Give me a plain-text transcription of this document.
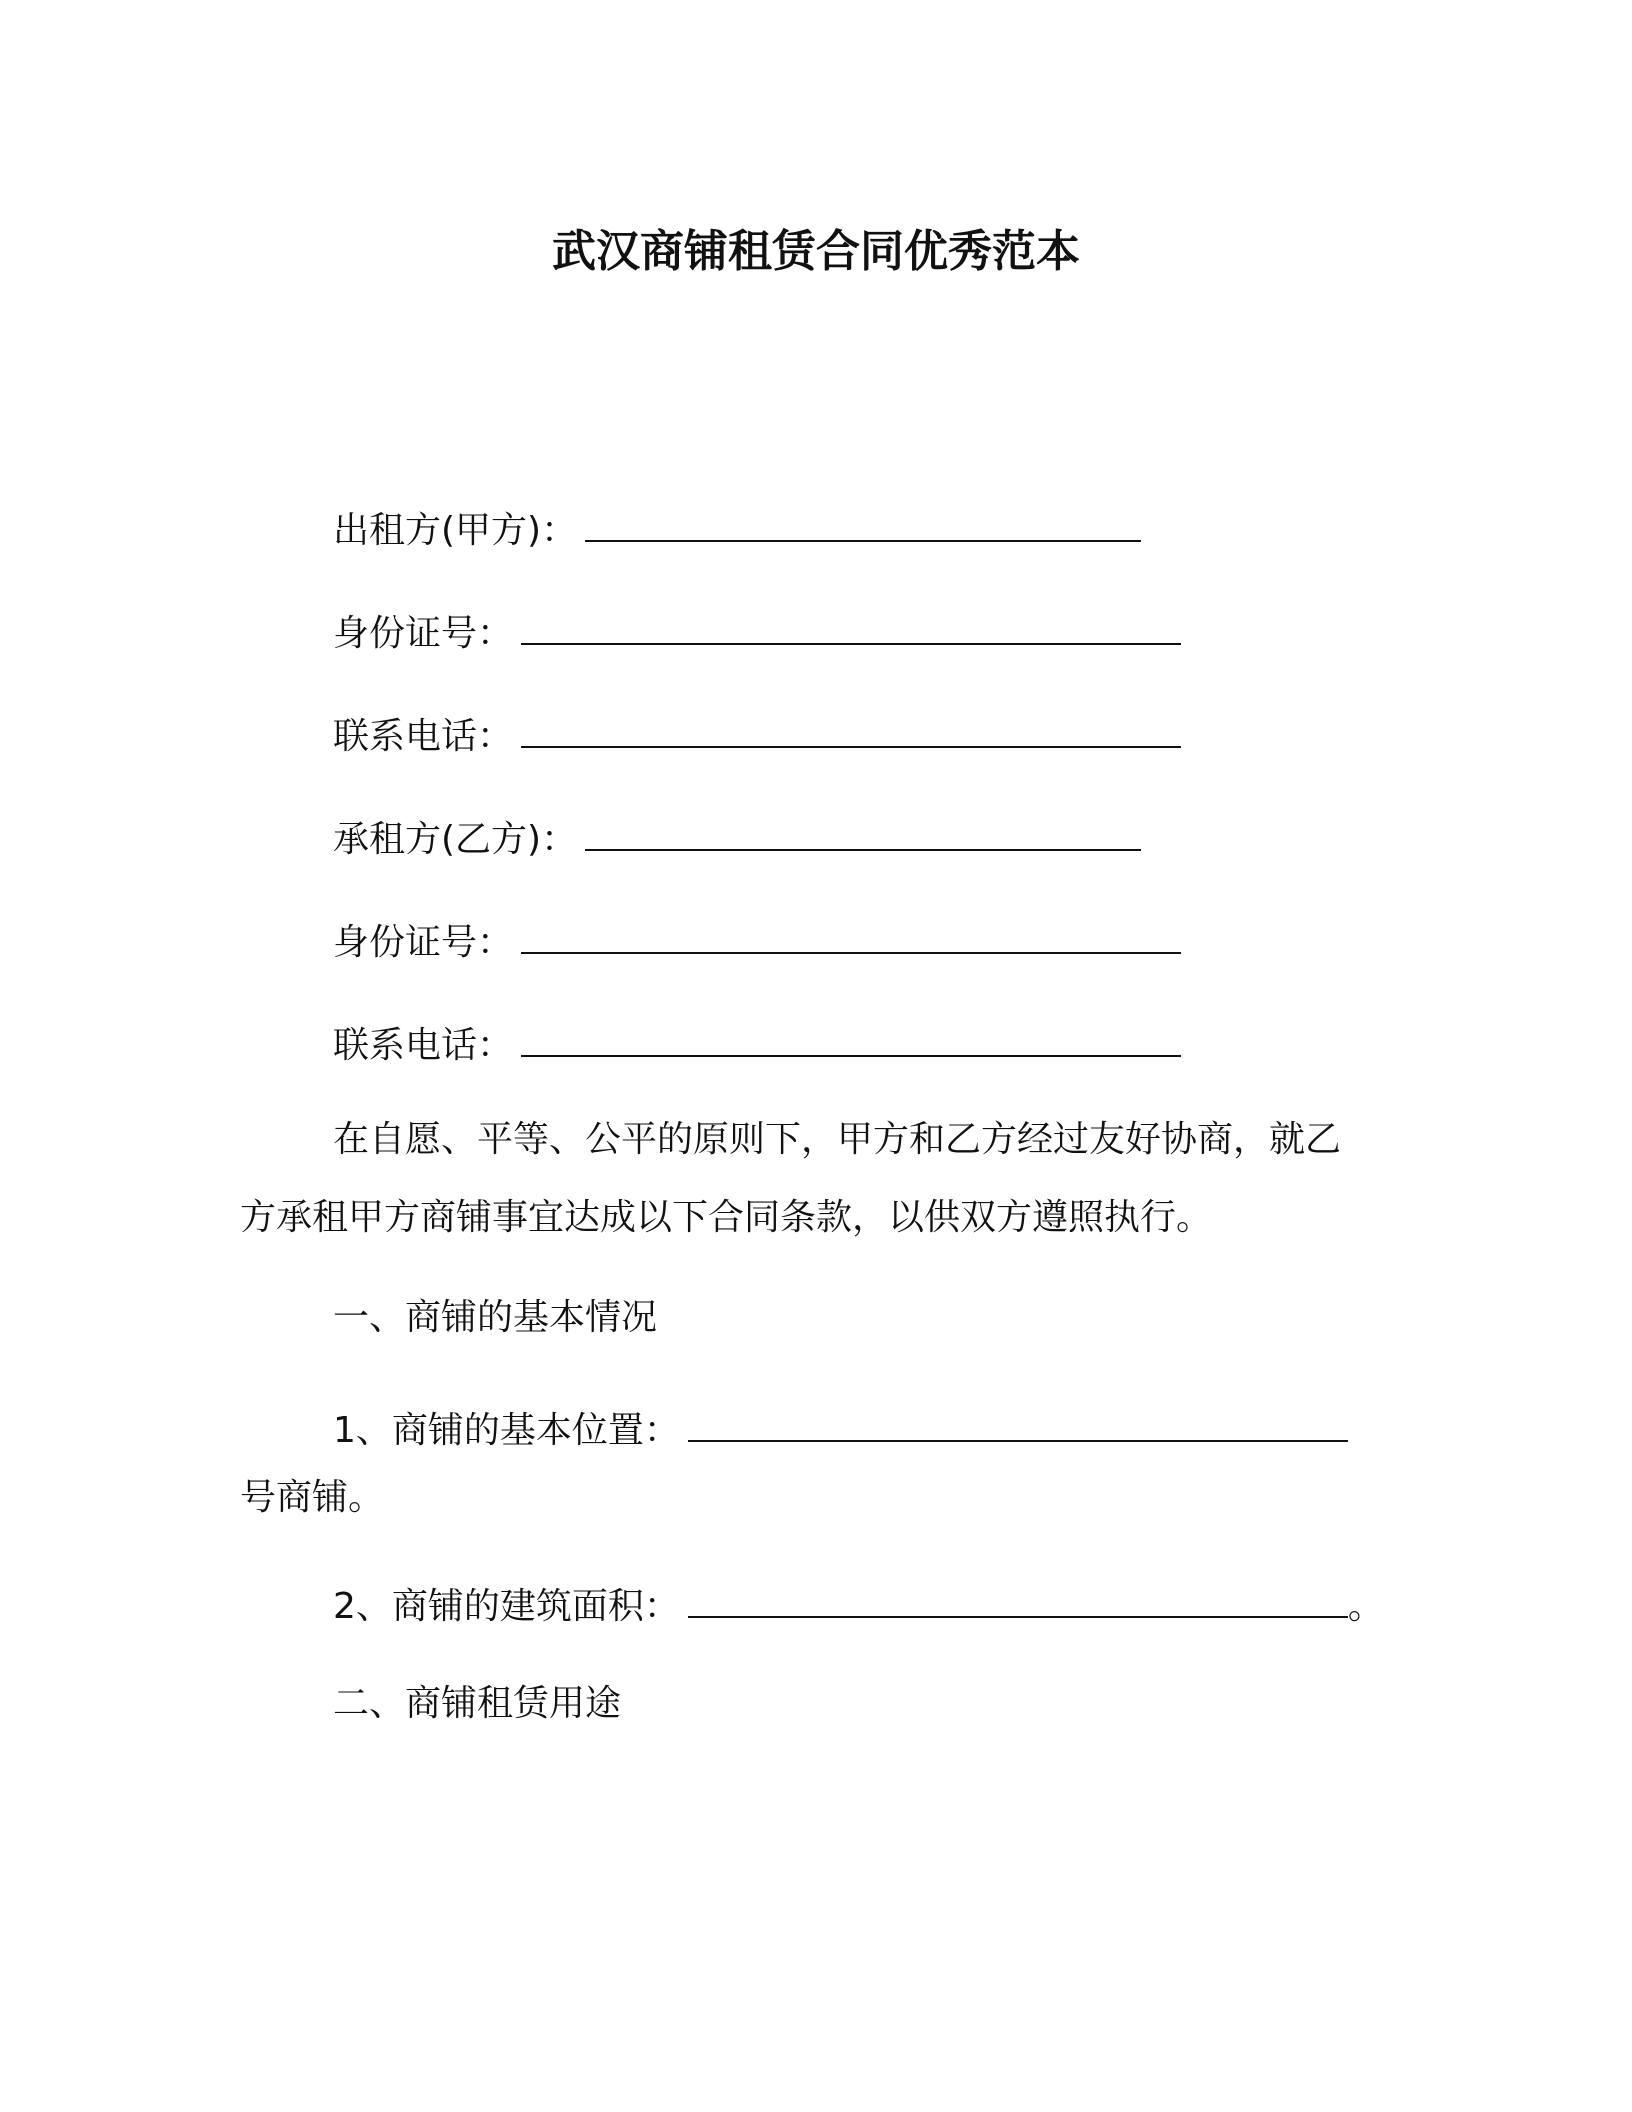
武汉商铺租赁合同优秀范本
出租方(甲方)：
身份证号：
联系电话：
承租方(乙方)：
身份证号：
联系电话：
在自愿、平等、公平的原则下，甲方和乙方经过友好协商，就乙
方承租甲方商铺事宜达成以下合同条款，以供双方遵照执行。
一、商铺的基本情况
1、商铺的基本位置：
号商铺。
2、商铺的建筑面积：	。
二、商铺租赁用途
